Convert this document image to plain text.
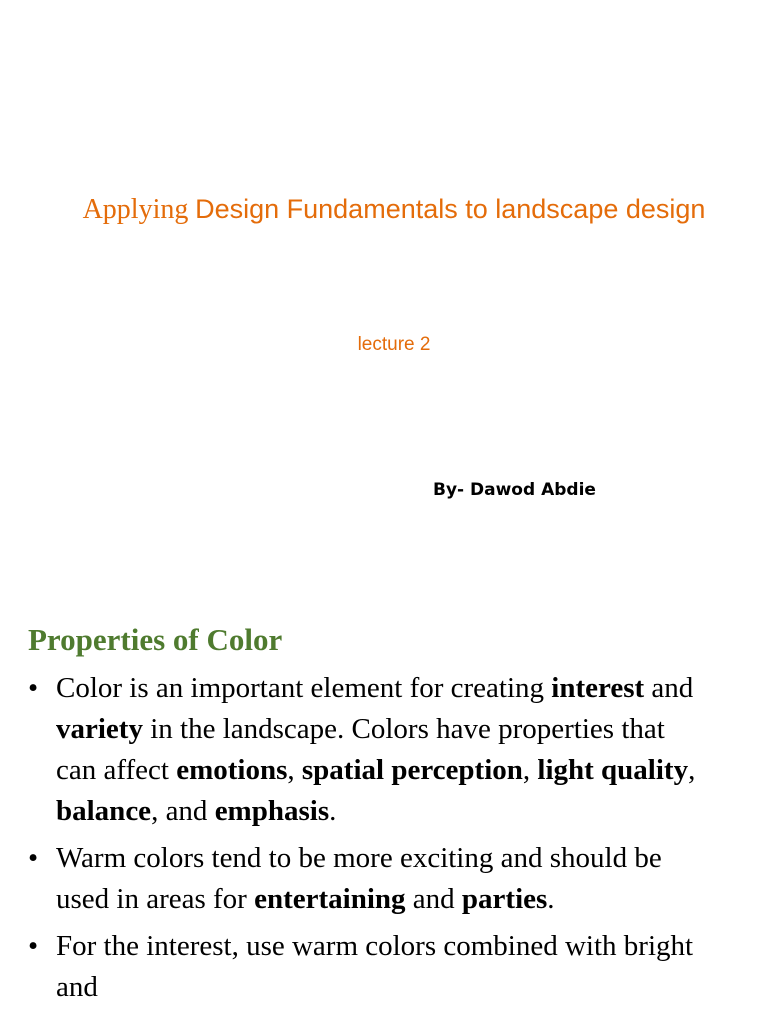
Applying Design Fundamentals to landscape design
lecture 2
By- Dawod Abdie
Properties of Color
• Color is an important element for creating interest and variety in the landscape. Colors have properties that can affect emotions, spatial perception, light quality, balance, and emphasis.
• Warm colors tend to be more exciting and should be used in areas for entertaining and parties.
• For the interest, use warm colors combined with bright and
